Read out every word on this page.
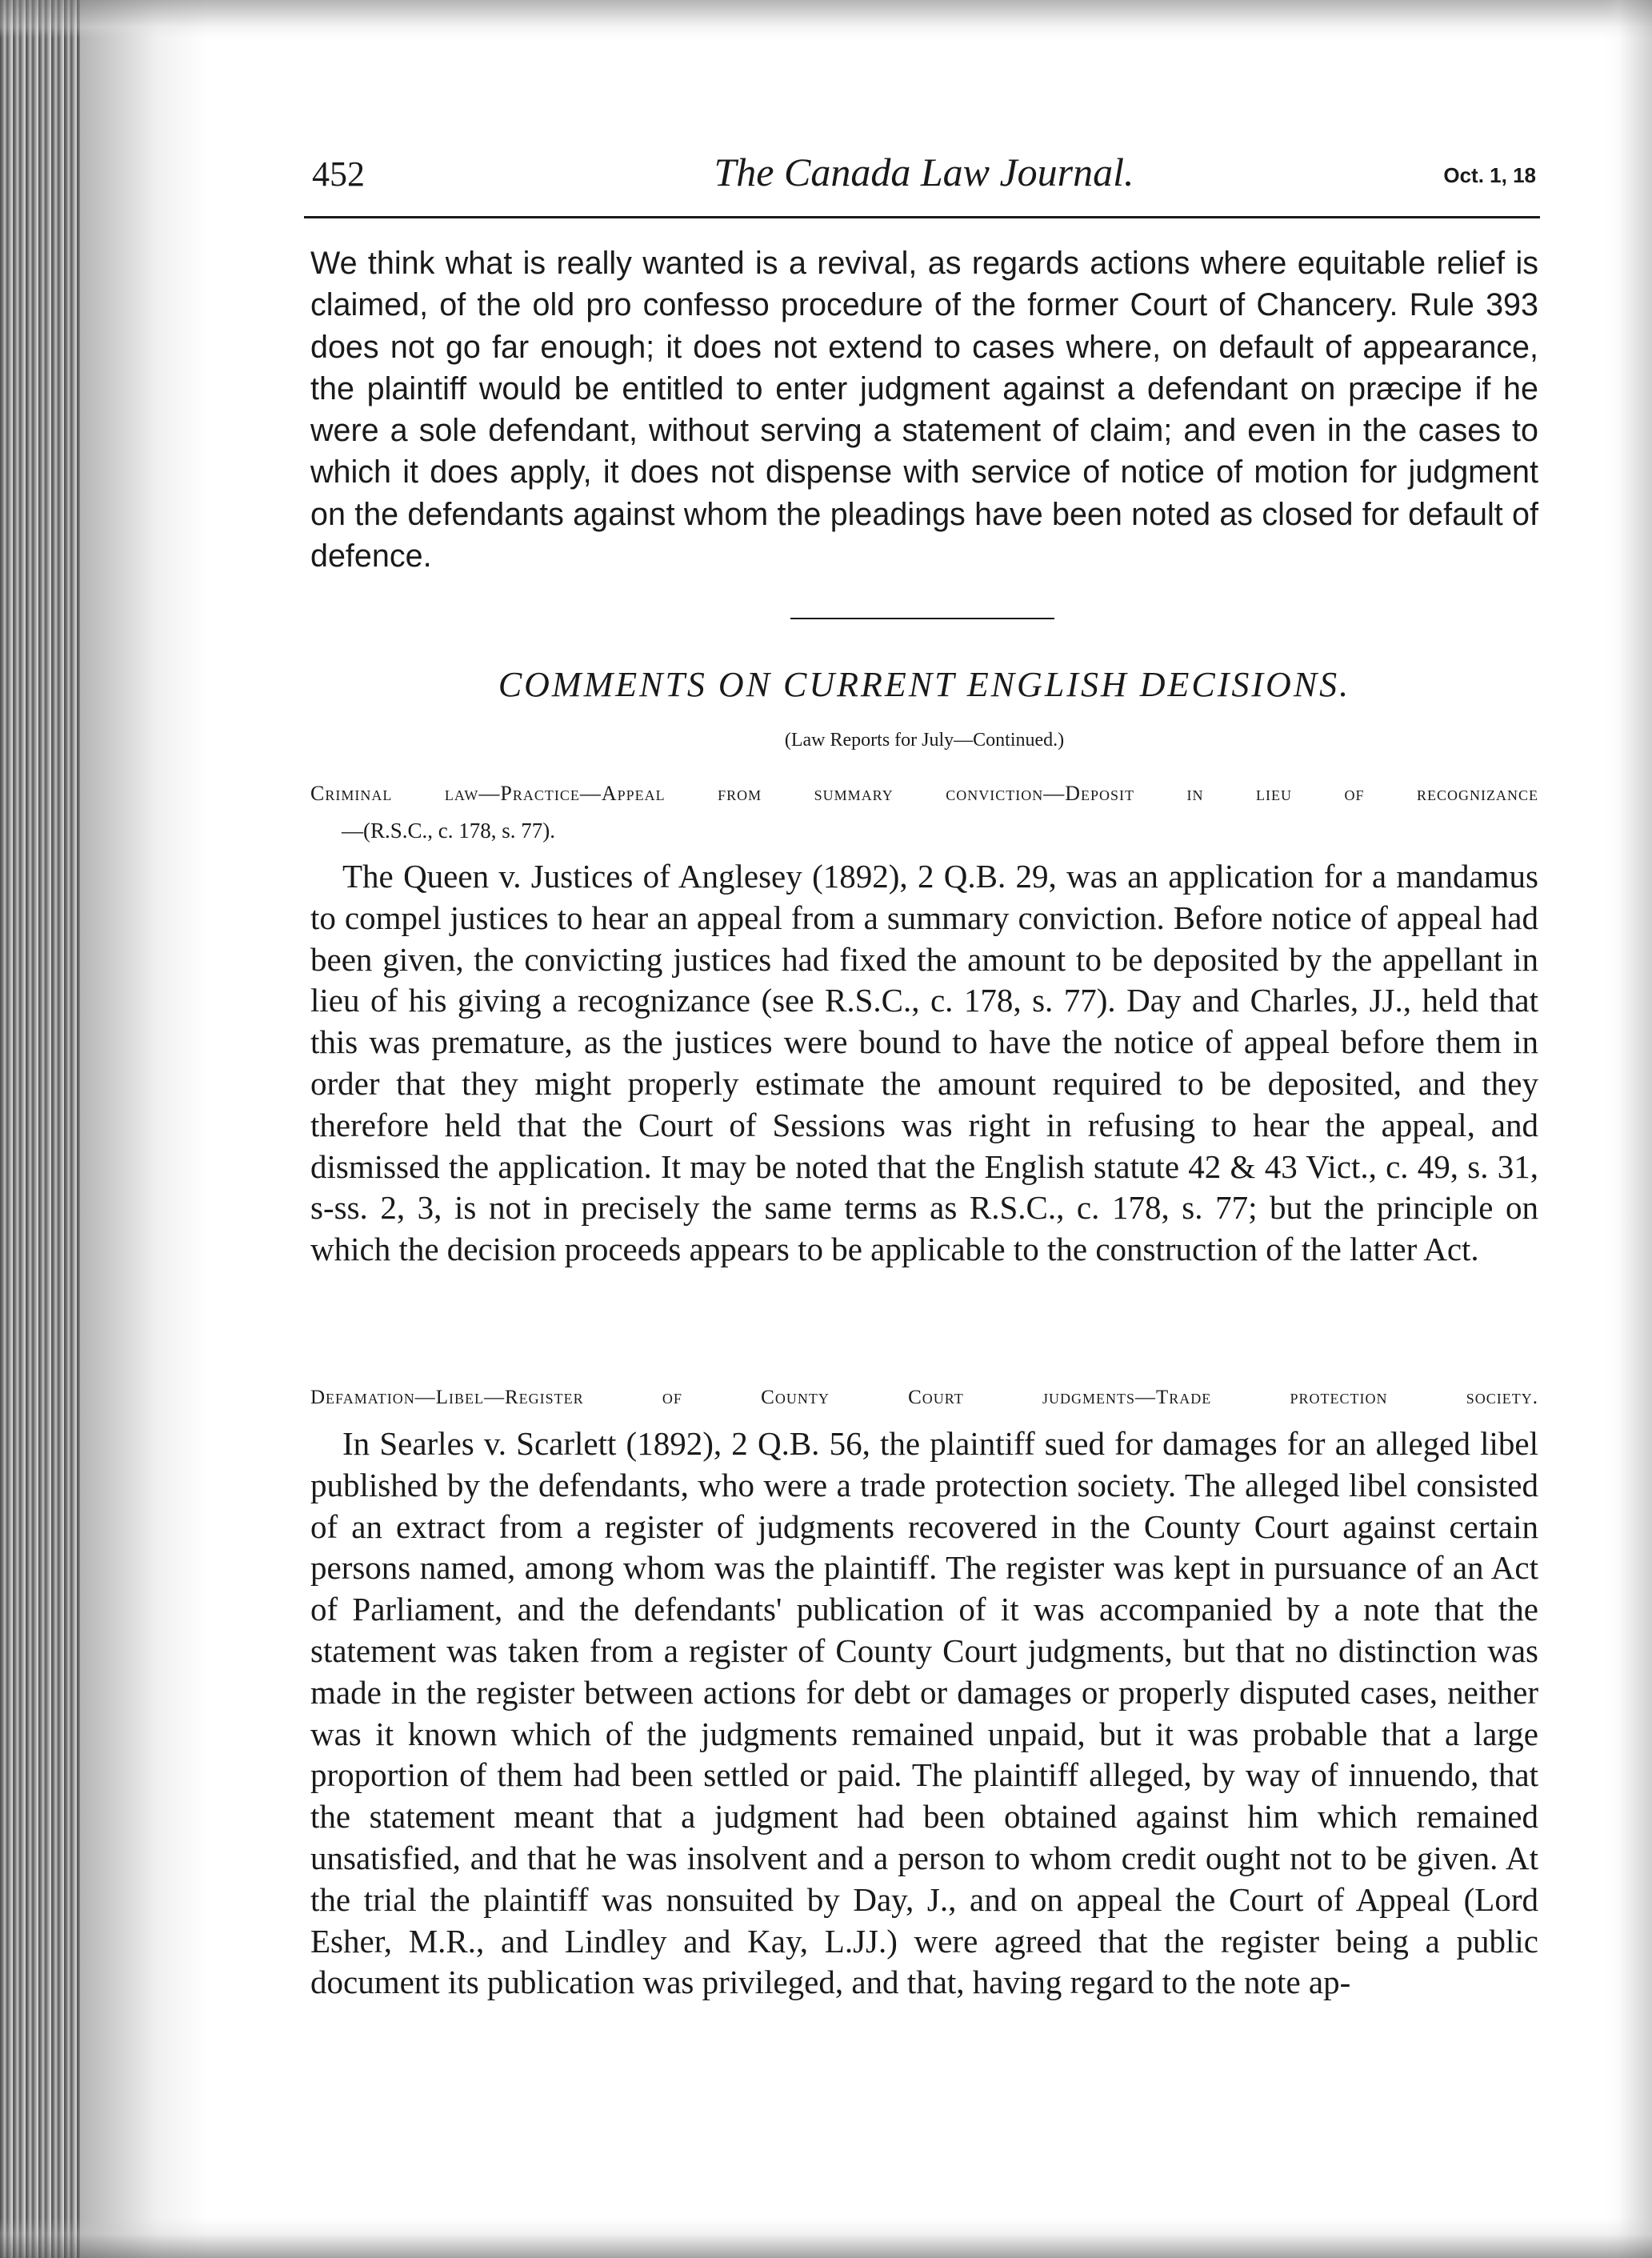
452	The Canada Law Journal.	Oct. 1, 18

We think what is really wanted is a revival, as regards actions where equitable relief is claimed, of the old pro confesso procedure of the former Court of Chancery. Rule 393 does not go far enough; it does not extend to cases where, on default of appearance, the plaintiff would be entitled to enter judgment against a defendant on præcipe if he were a sole defendant, without serving a statement of claim; and even in the cases to which it does apply, it does not dispense with service of notice of motion for judgment on the defendants against whom the pleadings have been noted as closed for default of defence.

COMMENTS ON CURRENT ENGLISH DECISIONS.
(Law Reports for July—Continued.)

Criminal law—Practice—Appeal from summary conviction—Deposit in lieu of recognizance

—(R.S.C., c. 178, s. 77).

The Queen v. Justices of Anglesey (1892), 2 Q.B. 29, was an application for a mandamus to compel justices to hear an appeal from a summary conviction. Before notice of appeal had been given, the convicting justices had fixed the amount to be deposited by the appellant in lieu of his giving a recognizance (see R.S.C., c. 178, s. 77). Day and Charles, JJ., held that this was premature, as the justices were bound to have the notice of appeal before them in order that they might properly estimate the amount required to be deposited, and they therefore held that the Court of Sessions was right in refusing to hear the appeal, and dismissed the application. It may be noted that the English statute 42 & 43 Vict., c. 49, s. 31, s-ss. 2, 3, is not in precisely the same terms as R.S.C., c. 178, s. 77; but the principle on which the decision proceeds appears to be applicable to the construction of the latter Act.

Defamation—Libel—Register of County Court judgments—Trade protection society.

In Searles v. Scarlett (1892), 2 Q.B. 56, the plaintiff sued for damages for an alleged libel published by the defendants, who were a trade protection society. The alleged libel consisted of an extract from a register of judgments recovered in the County Court against certain persons named, among whom was the plaintiff. The register was kept in pursuance of an Act of Parliament, and the defendants' publication of it was accompanied by a note that the statement was taken from a register of County Court judgments, but that no distinction was made in the register between actions for debt or damages or properly disputed cases, neither was it known which of the judgments remained unpaid, but it was probable that a large proportion of them had been settled or paid. The plaintiff alleged, by way of innuendo, that the statement meant that a judgment had been obtained against him which remained unsatisfied, and that he was insolvent and a person to whom credit ought not to be given. At the trial the plaintiff was nonsuited by Day, J., and on appeal the Court of Appeal (Lord Esher, M.R., and Lindley and Kay, L.JJ.) were agreed that the register being a public document its publication was privileged, and that, having regard to the note ap-
